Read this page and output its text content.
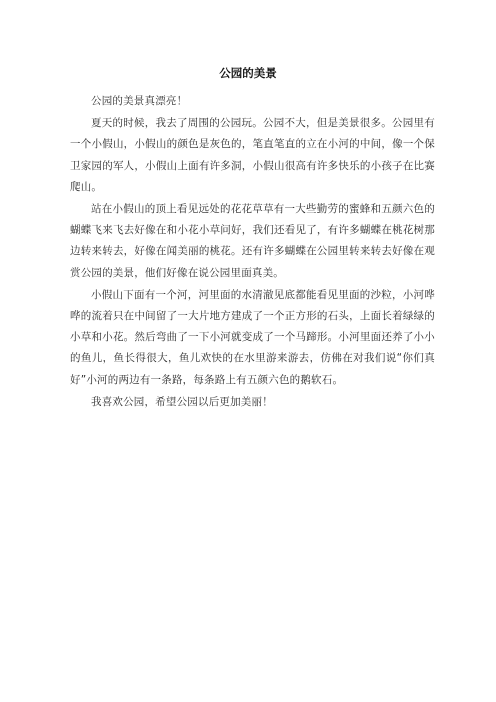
公园的美景

公园的美景真漂亮！

夏天的时候，我去了周围的公园玩。公园不大，但是美景很多。公园里有一个小假山，小假山的颜色是灰色的，笔直笔直的立在小河的中间，像一个保卫家园的军人，小假山上面有许多洞，小假山很高有许多快乐的小孩子在比赛爬山。

站在小假山的顶上看见远处的花花草草有一大些勤劳的蜜蜂和五颜六色的蝴蝶飞来飞去好像在和小花小草问好，我们还看见了，有许多蝴蝶在桃花树那边转来转去，好像在闻美丽的桃花。还有许多蝴蝶在公园里转来转去好像在观赏公园的美景，他们好像在说公园里面真美。

小假山下面有一个河，河里面的水清澈见底都能看见里面的沙粒，小河哗哗的流着只在中间留了一大片地方建成了一个正方形的石头，上面长着绿绿的小草和小花。然后弯曲了一下小河就变成了一个马蹄形。小河里面还养了小小的鱼儿，鱼长得很大，鱼儿欢快的在水里游来游去，仿佛在对我们说“你们真好”小河的两边有一条路，每条路上有五颜六色的鹅软石。

我喜欢公园，希望公园以后更加美丽！
